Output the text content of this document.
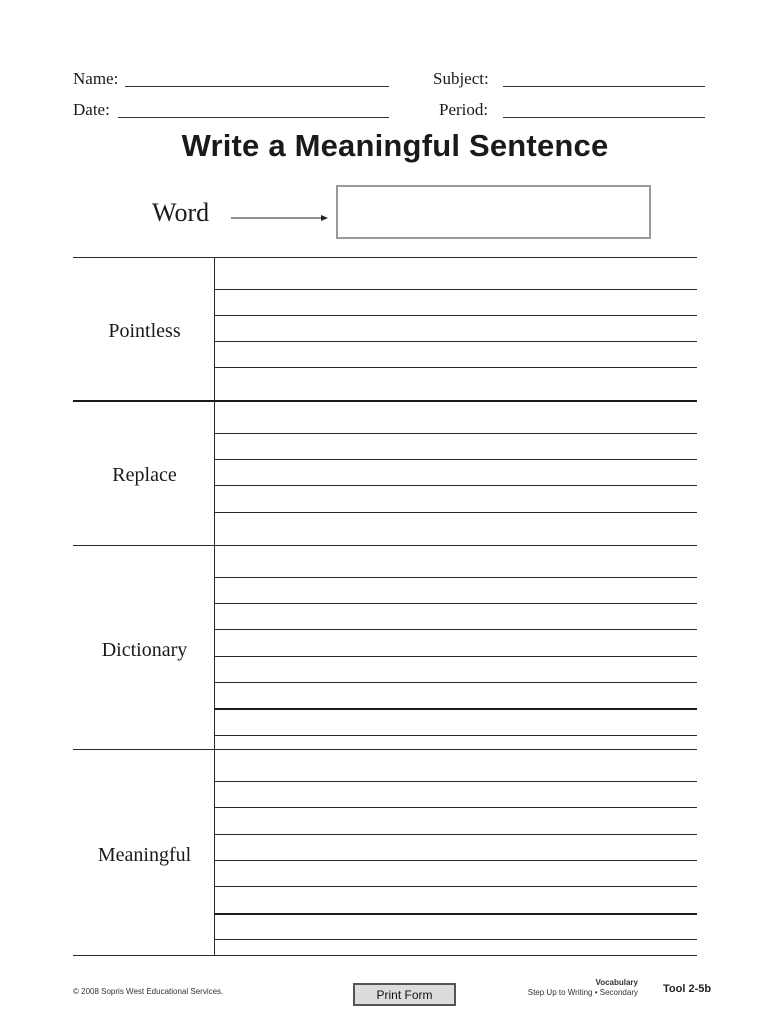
Name:
Date:
Subject:
Period:
Write a Meaningful Sentence
Word
Pointless
Replace
Dictionary
Meaningful
© 2008 Sopris West Educational Services.	Print Form
Vocabulary
Step Up to Writing • Secondary Tool 2-5b
